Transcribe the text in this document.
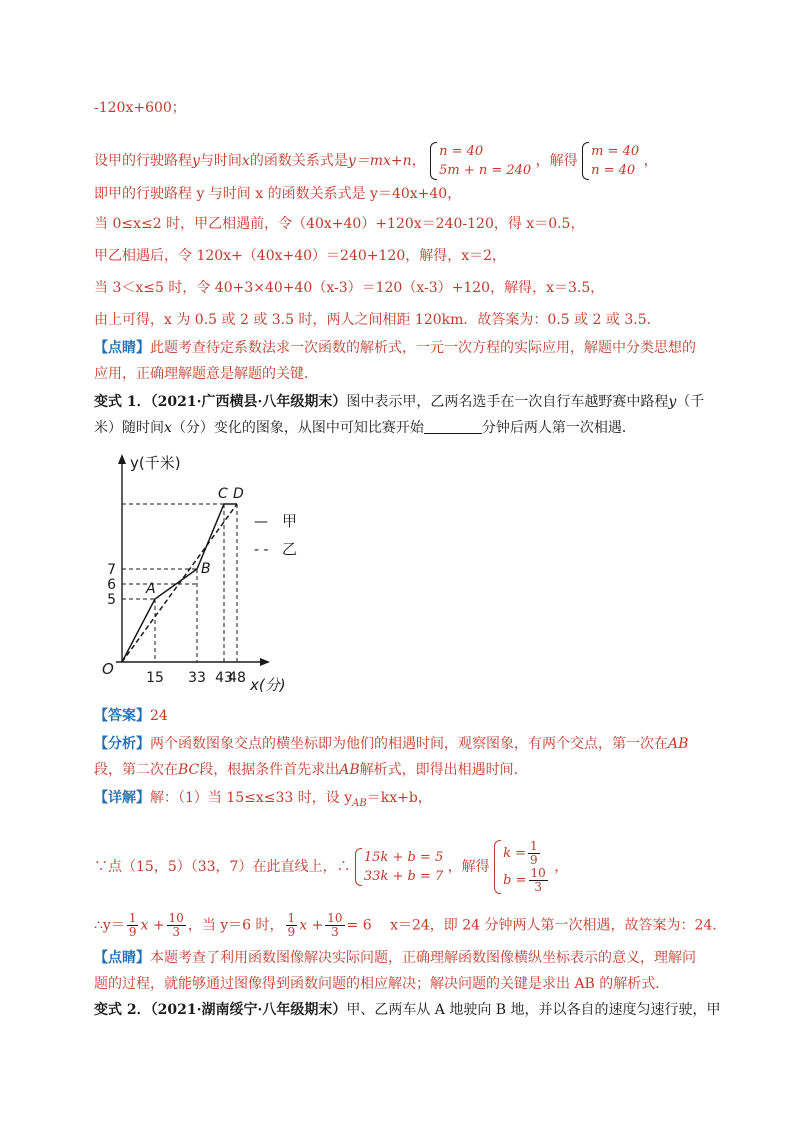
-120x+600；
设甲的行驶路程y与时间x的函数关系式是y＝mx+n，
n = 40
5m + n = 240
，解得
m = 40
n = 40
，
即甲的行驶路程 y 与时间 x 的函数关系式是 y＝40x+40，
当 0≤x≤2 时，甲乙相遇前，令（40x+40）+120x＝240-120，得 x＝0.5，
甲乙相遇后，令 120x+（40x+40）＝240+120，解得，x＝2，
当 3＜x≤5 时，令 40+3×40+40（x-3）＝120（x-3）+120，解得，x＝3.5，
由上可得，x 为 0.5 或 2 或 3.5 时，两人之间相距 120km．故答案为：0.5 或 2 或 3.5．
【点睛】此题考查待定系数法求一次函数的解析式，一元一次方程的实际应用，解题中分类思想的
应用，正确理解题意是解题的关键．
变式 1．（2021·广西横县·八年级期末）图中表示甲，乙两名选手在一次自行车越野赛中路程y（千
米）随时间x（分）变化的图象，从图中可知比赛开始	分钟后两人第一次相遇．
y(千米)
x(分)
O 15 33 43
48
5
6
7
A
B
C D
— 甲
- - 乙
【答案】24
【分析】两个函数图象交点的横坐标即为他们的相遇时间，观察图象，有两个交点，第一次在AB
段，第二次在BC段，根据条件首先求出AB解析式，即得出相遇时间．
【详解】解：（1）当 15≤x≤33 时，设 $y_{AB}=kx+b$，
∵点（15，5）（33，7）在此直线上，∴
15k + b = 5
33k + b = 7
，解得
$k = \frac{1}{9}$
$b = \frac{10}{3}$ ，
∴y＝ $\frac{1}{9}$ $x + \frac{10}{3}$ ，当 y＝6 时， $\frac{1}{9}$ $x + \frac{10}{3} = 6$　 x＝24，即 24 分钟两人第一次相遇，故答案为：24．
【点睛】本题考查了利用函数图像解决实际问题，正确理解函数图像横纵坐标表示的意义，理解问
题的过程，就能够通过图像得到函数问题的相应解决；解决问题的关键是求出 AB 的解析式．
变式 2．（2021·湖南绥宁·八年级期末）甲、乙两车从 A 地驶向 B 地，并以各自的速度匀速行驶，甲
